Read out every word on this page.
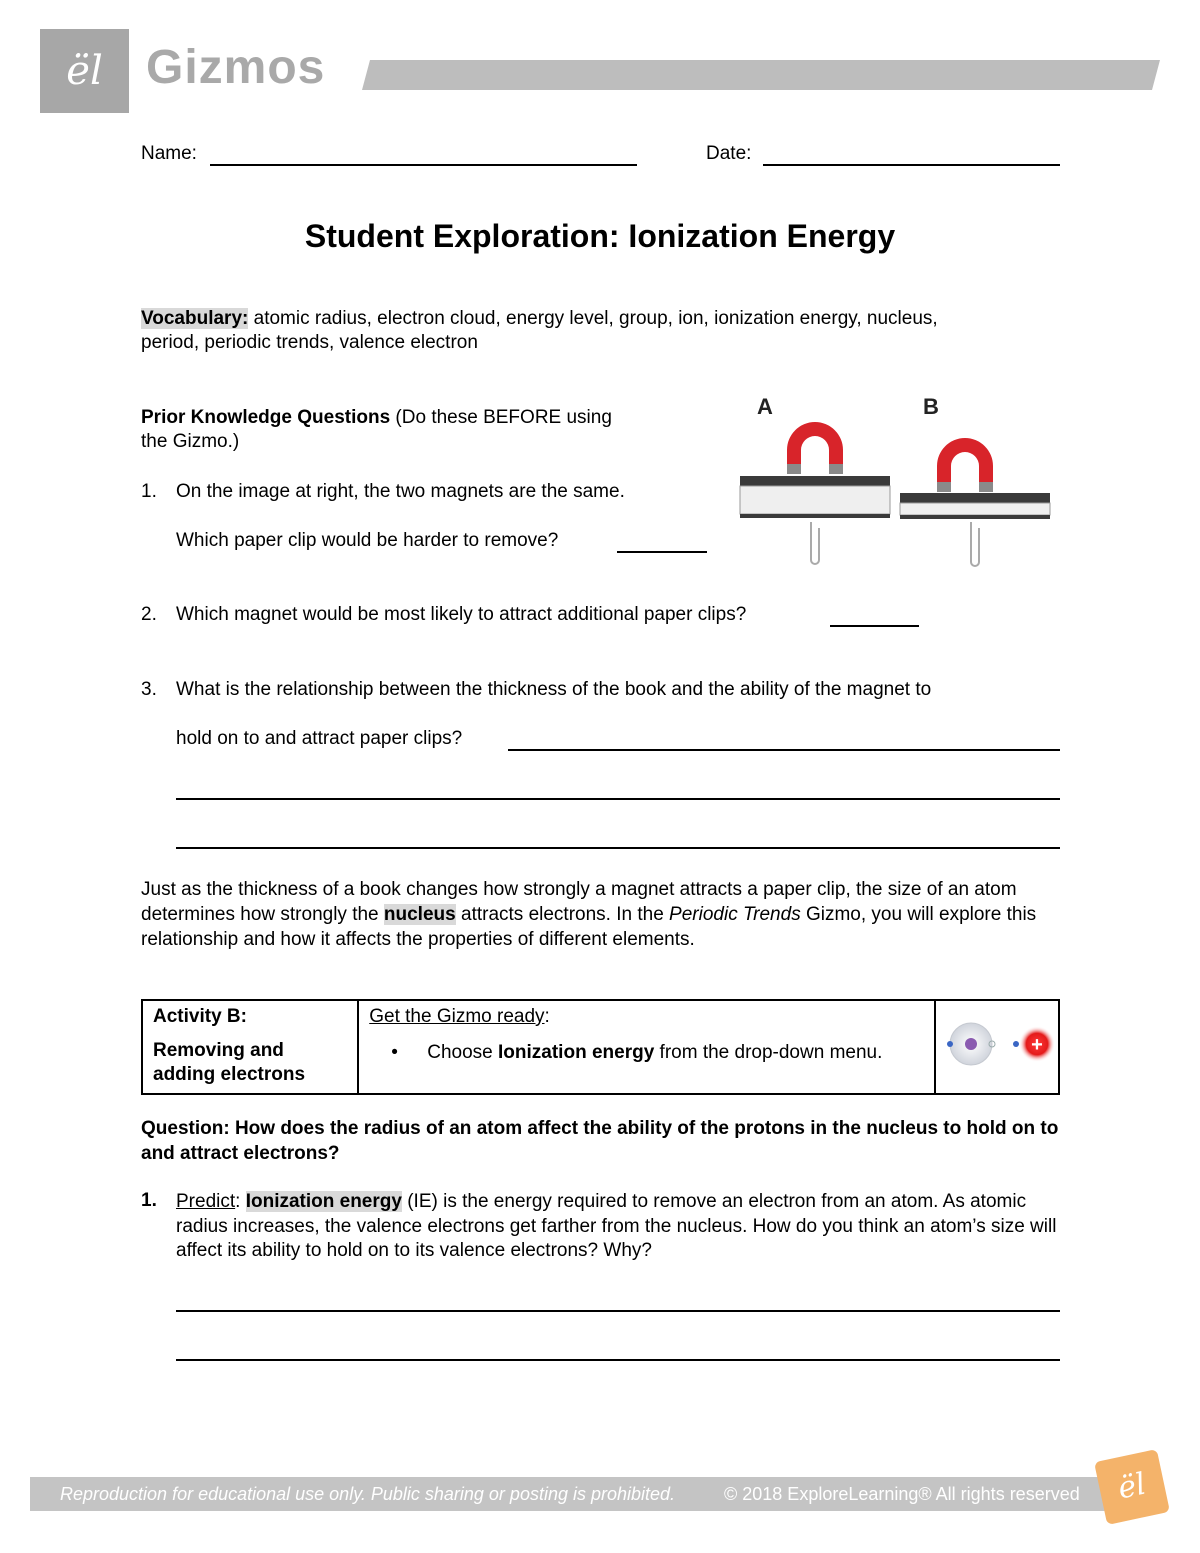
ël Gizmos
Name:	Date:
Student Exploration: Ionization Energy
Vocabulary: atomic radius, electron cloud, energy level, group, ion, ionization energy, nucleus,
period, periodic trends, valence electron
Prior Knowledge Questions (Do these BEFORE using
the Gizmo.)
1. On the image at right, the two magnets are the same.
Which paper clip would be harder to remove?
A	B
2. Which magnet would be most likely to attract additional paper clips?
3. What is the relationship between the thickness of the book and the ability of the magnet to
hold on to and attract paper clips?
Just as the thickness of a book changes how strongly a magnet attracts a paper clip, the size of an atom determines how strongly the nucleus attracts electrons. In the Periodic Trends Gizmo, you will explore this relationship and how it affects the properties of different elements.
Activity B:
Removing and adding electrons

Get the Gizmo ready:
•	Choose Ionization energy from the drop-down menu.	+
Question: How does the radius of an atom affect the ability of the protons in the nucleus to hold on to and attract electrons?
1. Predict: Ionization energy (IE) is the energy required to remove an electron from an atom. As atomic radius increases, the valence electrons get farther from the nucleus. How do you think an atom’s size will affect its ability to hold on to its valence electrons? Why?
Reproduction for educational use only. Public sharing or posting is prohibited.	© 2018 ExploreLearning® All rights reserved	ël
